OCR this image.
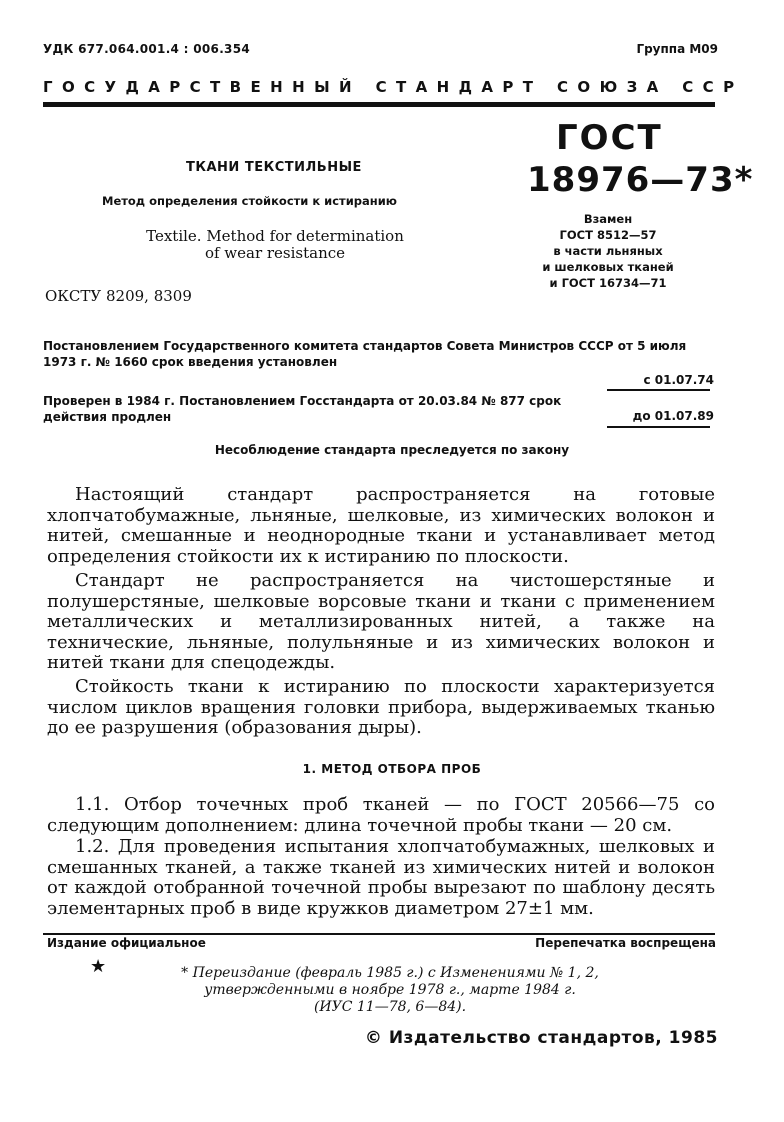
УДК 677.064.001.4 : 006.354	Группа М09
ГОСУДАРСТВЕННЫЙ СТАНДАРТ СОЮЗА ССР
ТКАНИ ТЕКСТИЛЬНЫЕ
Метод определения стойкости к истиранию
Textile. Method for determination
of wear resistance
ОКСТУ 8209, 8309
ГОСТ
18976—73*
Взамен
ГОСТ 8512—57
в части льняных
и шелковых тканей
и ГОСТ 16734—71
Постановлением Государственного комитета стандартов Совета Министров СССР от 5 июля 1973 г. № 1660 срок введения установлен
с 01.07.74
Проверен в 1984 г. Постановлением Госстандарта от 20.03.84 № 877 срок действия продлен	до 01.07.89
Несоблюдение стандарта преследуется по закону
Настоящий стандарт распространяется на готовые хлопчатобумажные, льняные, шелковые, из химических волокон и нитей, смешанные и неоднородные ткани и устанавливает метод определения стойкости их к истиранию по плоскости.
Стандарт не распространяется на чистошерстяные и полушерстяные, шелковые ворсовые ткани и ткани с применением металлических и металлизированных нитей, а также на технические, льняные, полульняные и из химических волокон и нитей ткани для спецодежды.
Стойкость ткани к истиранию по плоскости характеризуется числом циклов вращения головки прибора, выдерживаемых тканью до ее разрушения (образования дыры).
1. МЕТОД ОТБОРА ПРОБ
1.1. Отбор точечных проб тканей — по ГОСТ 20566—75 со следующим дополнением: длина точечной пробы ткани — 20 см.
1.2. Для проведения испытания хлопчатобумажных, шелковых и смешанных тканей, а также тканей из химических нитей и волокон от каждой отобранной точечной пробы вырезают по шаблону десять элементарных проб в виде кружков диаметром 27±1 мм.
Издание официальное	Перепечатка воспрещена
★	* Переиздание (февраль 1985 г.) с Изменениями № 1, 2,
утвержденными в ноябре 1978 г., марте 1984 г.
(ИУС 11—78, 6—84).
© Издательство стандартов, 1985
